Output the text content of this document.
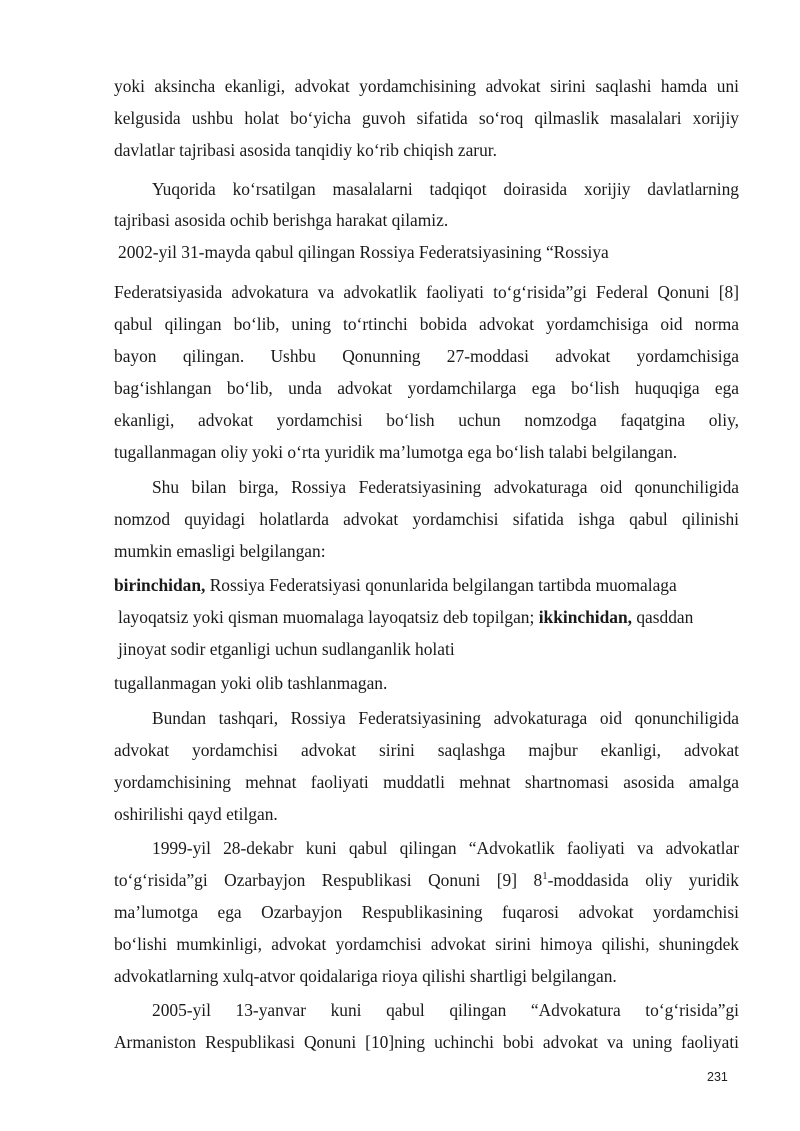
yoki aksincha ekanligi, advokat yordamchisining advokat sirini saqlashi hamda uni
kelgusida ushbu holat bo‘yicha guvoh sifatida so‘roq qilmaslik masalalari xorijiy
davlatlar tajribasi asosida tanqidiy ko‘rib chiqish zarur.
Yuqorida ko‘rsatilgan masalalarni tadqiqot doirasida xorijiy davlatlarning
tajribasi asosida ochib berishga harakat qilamiz.
2002-yil 31-mayda qabul qilingan Rossiya Federatsiyasining “Rossiya
Federatsiyasida advokatura va advokatlik faoliyati to‘g‘risida”gi Federal Qonuni [8]
qabul qilingan bo‘lib, uning to‘rtinchi bobida advokat yordamchisiga oid norma
bayon qilingan. Ushbu Qonunning 27-moddasi advokat yordamchisiga
bag‘ishlangan bo‘lib, unda advokat yordamchilarga ega bo‘lish huquqiga ega
ekanligi, advokat yordamchisi bo‘lish uchun nomzodga faqatgina oliy,
tugallanmagan oliy yoki o‘rta yuridik ma’lumotga ega bo‘lish talabi belgilangan.
Shu bilan birga, Rossiya Federatsiyasining advokaturaga oid qonunchiligida
nomzod quyidagi holatlarda advokat yordamchisi sifatida ishga qabul qilinishi
mumkin emasligi belgilangan:
birinchidan, Rossiya Federatsiyasi qonunlarida belgilangan tartibda muomalaga
layoqatsiz yoki qisman muomalaga layoqatsiz deb topilgan; ikkinchidan, qasddan
jinoyat sodir etganligi uchun sudlanganlik holati
tugallanmagan yoki olib tashlanmagan.
Bundan tashqari, Rossiya Federatsiyasining advokaturaga oid qonunchiligida
advokat yordamchisi advokat sirini saqlashga majbur ekanligi, advokat
yordamchisining mehnat faoliyati muddatli mehnat shartnomasi asosida amalga
oshirilishi qayd etilgan.
1999-yil 28-dekabr kuni qabul qilingan “Advokatlik faoliyati va advokatlar
to‘g‘risida”gi Ozarbayjon Respublikasi Qonuni [9] $8^1$-moddasida oliy yuridik
ma’lumotga ega Ozarbayjon Respublikasining fuqarosi advokat yordamchisi
bo‘lishi mumkinligi, advokat yordamchisi advokat sirini himoya qilishi, shuningdek
advokatlarning xulq-atvor qoidalariga rioya qilishi shartligi belgilangan.
2005-yil 13-yanvar kuni qabul qilingan “Advokatura to‘g‘risida”gi
Armaniston Respublikasi Qonuni [10]ning uchinchi bobi advokat va uning faoliyati
231
